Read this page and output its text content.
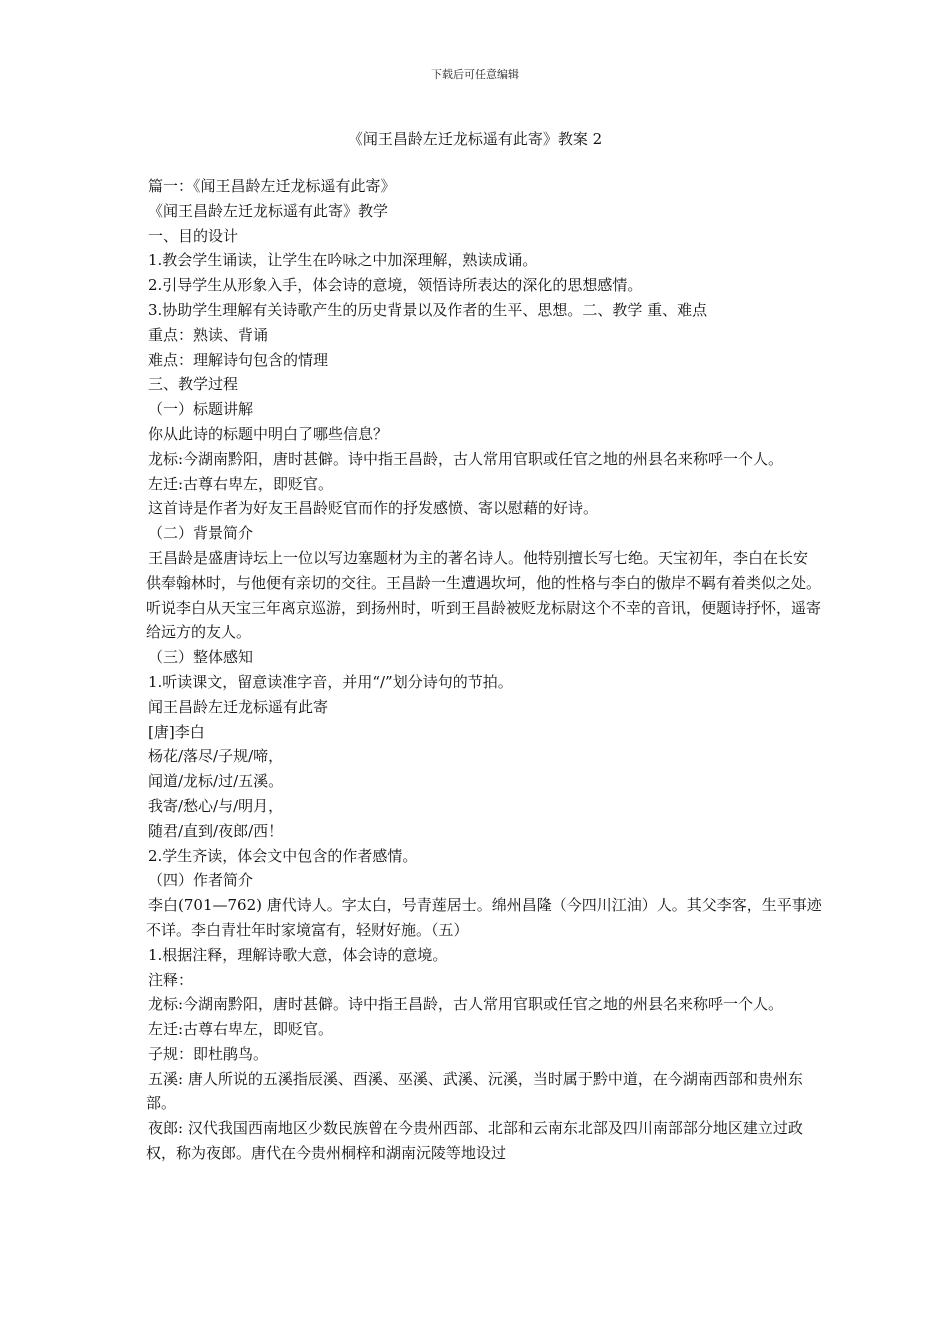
下载后可任意编辑
《闻王昌龄左迁龙标遥有此寄》教案 2

篇一：《闻王昌龄左迁龙标遥有此寄》

《闻王昌龄左迁龙标遥有此寄》教学

一、目的设计

1.教会学生诵读，让学生在吟咏之中加深理解，熟读成诵。

2.引导学生从形象入手，体会诗的意境，领悟诗所表达的深化的思想感情。

3.协助学生理解有关诗歌产生的历史背景以及作者的生平、思想。二、教学 重、难点

重点：熟读、背诵

难点：理解诗句包含的情理

三、教学过程

（一）标题讲解

你从此诗的标题中明白了哪些信息？

龙标:今湖南黔阳，唐时甚僻。诗中指王昌龄，古人常用官职或任官之地的州县名来称呼一个人。

左迁:古尊右卑左，即贬官。

这首诗是作者为好友王昌龄贬官而作的抒发感愤、寄以慰藉的好诗。

（二）背景简介

王昌龄是盛唐诗坛上一位以写边塞题材为主的著名诗人。他特别擅长写七绝。天宝初年，李白在长安供奉翰林时，与他便有亲切的交往。王昌龄一生遭遇坎坷，他的性格与李白的傲岸不羁有着类似之处。听说李白从天宝三年离京巡游，到扬州时，听到王昌龄被贬龙标尉这个不幸的音讯，便题诗抒怀，遥寄给远方的友人。

（三）整体感知

1.听读课文，留意读准字音，并用“/”划分诗句的节拍。

闻王昌龄左迁龙标遥有此寄

[唐]李白

杨花/落尽/子规/啼，

闻道/龙标/过/五溪。

我寄/愁心/与/明月，

随君/直到/夜郎/西！

2.学生齐读，体会文中包含的作者感情。

（四）作者简介

李白(701—762) 唐代诗人。字太白，号青莲居士。绵州昌隆（今四川江油）人。其父李客，生平事迹不详。李白青壮年时家境富有，轻财好施。（五）

1.根据注释，理解诗歌大意，体会诗的意境。

注释：

龙标:今湖南黔阳，唐时甚僻。诗中指王昌龄，古人常用官职或任官之地的州县名来称呼一个人。

左迁:古尊右卑左，即贬官。

子规：即杜鹃鸟。

五溪: 唐人所说的五溪指辰溪、酉溪、巫溪、武溪、沅溪，当时属于黔中道，在今湖南西部和贵州东部。

夜郎: 汉代我国西南地区少数民族曾在今贵州西部、北部和云南东北部及四川南部部分地区建立过政权，称为夜郎。唐代在今贵州桐梓和湖南沅陵等地设过
